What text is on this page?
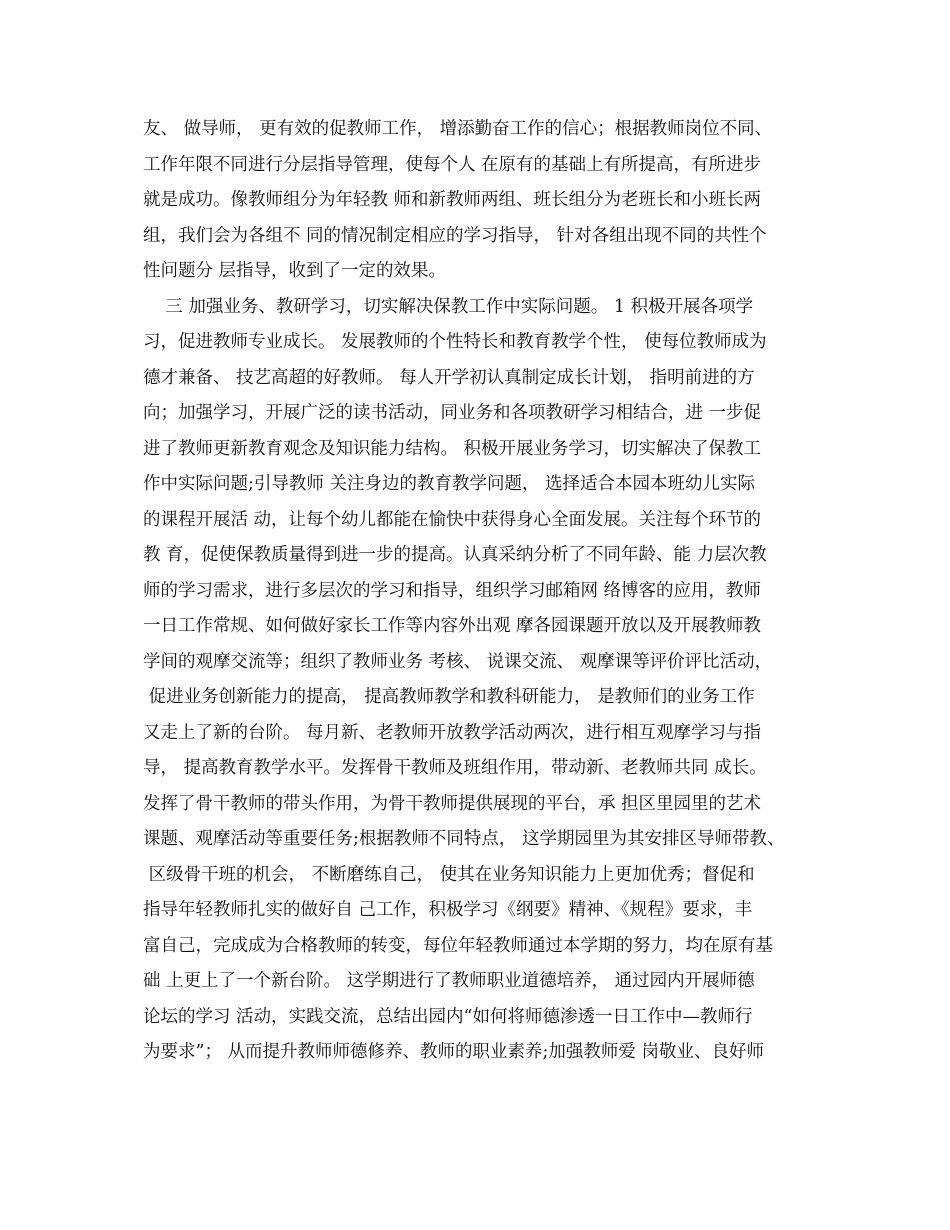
友、 做导师， 更有效的促教师工作， 增添勤奋工作的信心；根据教师岗位不同、
工作年限不同进行分层指导管理，使每个人 在原有的基础上有所提高，有所进步
就是成功。像教师组分为年轻教 师和新教师两组、班长组分为老班长和小班长两
组，我们会为各组不 同的情况制定相应的学习指导， 针对各组出现不同的共性个
性问题分 层指导，收到了一定的效果。
三 加强业务、教研学习，切实解决保教工作中实际问题。 1 积极开展各项学
习，促进教师专业成长。 发展教师的个性特长和教育教学个性， 使每位教师成为
德才兼备、 技艺高超的好教师。 每人开学初认真制定成长计划， 指明前进的方
向；加强学习，开展广泛的读书活动，同业务和各项教研学习相结合，进 一步促
进了教师更新教育观念及知识能力结构。 积极开展业务学习，切实解决了保教工
作中实际问题;引导教师 关注身边的教育教学问题， 选择适合本园本班幼儿实际
的课程开展活 动，让每个幼儿都能在愉快中获得身心全面发展。关注每个环节的
教 育，促使保教质量得到进一步的提高。认真采纳分析了不同年龄、能 力层次教
师的学习需求，进行多层次的学习和指导，组织学习邮箱网 络博客的应用，教师
一日工作常规、如何做好家长工作等内容外出观 摩各园课题开放以及开展教师教
学间的观摩交流等；组织了教师业务 考核、 说课交流、 观摩课等评价评比活动，
促进业务创新能力的提高， 提高教师教学和教科研能力， 是教师们的业务工作
又走上了新的台阶。 每月新、老教师开放教学活动两次，进行相互观摩学习与指
导， 提高教育教学水平。发挥骨干教师及班组作用，带动新、老教师共同 成长。
发挥了骨干教师的带头作用，为骨干教师提供展现的平台，承 担区里园里的艺术
课题、观摩活动等重要任务;根据教师不同特点， 这学期园里为其安排区导师带教、
区级骨干班的机会， 不断磨练自己， 使其在业务知识能力上更加优秀；督促和
指导年轻教师扎实的做好自 己工作，积极学习《纲要》精神、《规程》要求，丰
富自己，完成成为合格教师的转变，每位年轻教师通过本学期的努力，均在原有基
础 上更上了一个新台阶。 这学期进行了教师职业道德培养， 通过园内开展师德
论坛的学习 活动，实践交流，总结出园内“如何将师德渗透一日工作中—教师行
为要求”； 从而提升教师师德修养、教师的职业素养;加强教师爱 岗敬业、良好师
